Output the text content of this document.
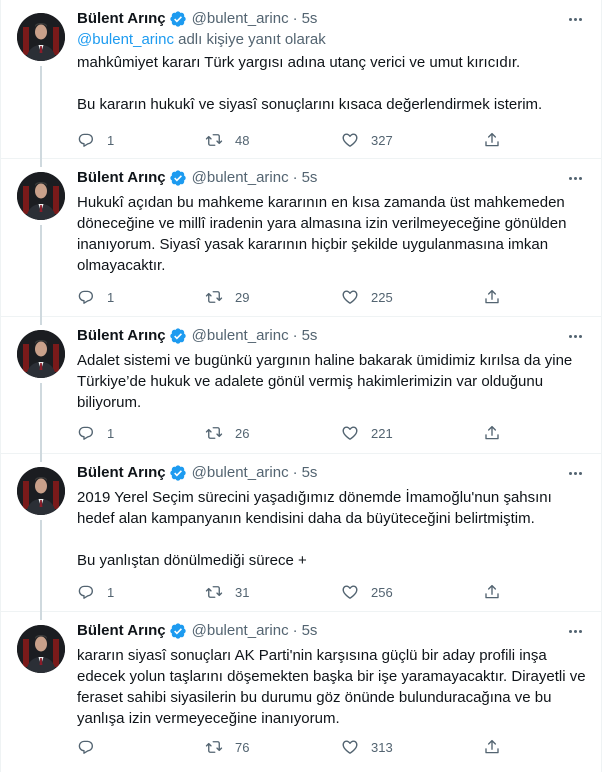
Bülent Arınç @bulent_arinc · 5s
@bulent_arinc adlı kişiye yanıt olarak

mahkûmiyet kararı Türk yargısı adına utanç verici ve umut kırıcıdır.

Bu kararın hukukî ve siyasî sonuçlarını kısaca değerlendirmek isterim.

1	48	327
Bülent Arınç @bulent_arinc · 5s

Hukukî açıdan bu mahkeme kararının en kısa zamanda üst mahkemeden döneceğine ve millî iradenin yara almasına izin verilmeyeceğine gönülden inanıyorum. Siyasî yasak kararının hiçbir şekilde uygulanmasına imkan olmayacaktır.

1	29	225
Bülent Arınç @bulent_arinc · 5s

Adalet sistemi ve bugünkü yargının haline bakarak ümidimiz kırılsa da yine Türkiye’de hukuk ve adalete gönül vermiş hakimlerimizin var olduğunu biliyorum.

1	26	221
Bülent Arınç @bulent_arinc · 5s

2019 Yerel Seçim sürecini yaşadığımız dönemde İmamoğlu'nun şahsını hedef alan kampanyanın kendisini daha da büyüteceğini belirtmiştim.

Bu yanlıştan dönülmediği sürece +

1	31	256
Bülent Arınç @bulent_arinc · 5s

kararın siyasî sonuçları AK Parti'nin karşısına güçlü bir aday profili inşa edecek yolun taşlarını döşemekten başka bir işe yaramayacaktır. Dirayetli ve feraset sahibi siyasilerin bu durumu göz önünde bulunduracağına ve bu yanlışa izin vermeyeceğine inanıyorum.

76	313
